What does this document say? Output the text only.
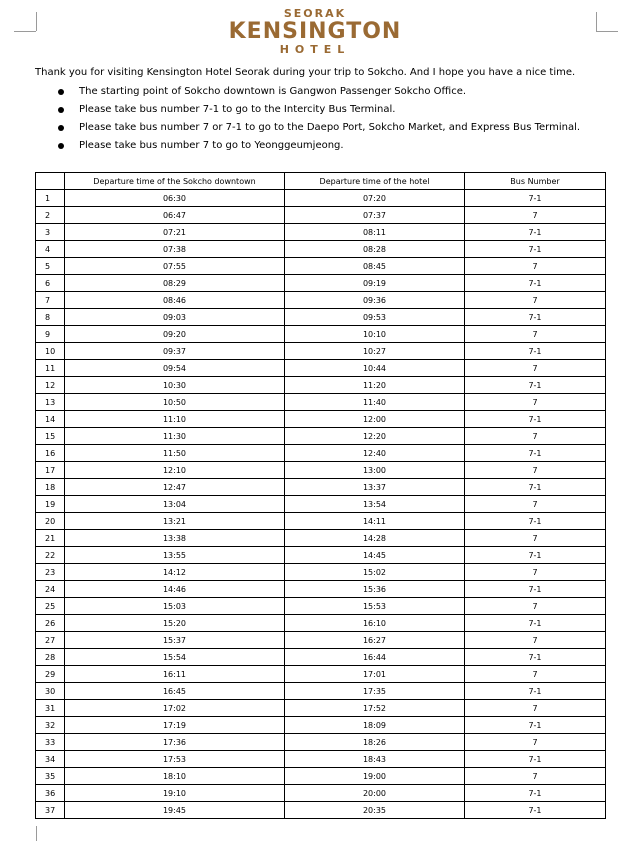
SEORAK
KENSINGTON
HOTEL
Thank you for visiting Kensington Hotel Seorak during your trip to Sokcho. And I hope you have a nice time.
The starting point of Sokcho downtown is Gangwon Passenger Sokcho Office.
Please take bus number 7-1 to go to the Intercity Bus Terminal.
Please take bus number 7 or 7-1 to go to the Daepo Port, Sokcho Market, and Express Bus Terminal.
Please take bus number 7 to go to Yeonggeumjeong.
	Departure time of the Sokcho downtown	Departure time of the hotel	Bus Number
1	06:30	07:20	7-1
2	06:47	07:37	7
3	07:21	08:11	7-1
4	07:38	08:28	7-1
5	07:55	08:45	7
6	08:29	09:19	7-1
7	08:46	09:36	7
8	09:03	09:53	7-1
9	09:20	10:10	7
10	09:37	10:27	7-1
11	09:54	10:44	7
12	10:30	11:20	7-1
13	10:50	11:40	7
14	11:10	12:00	7-1
15	11:30	12:20	7
16	11:50	12:40	7-1
17	12:10	13:00	7
18	12:47	13:37	7-1
19	13:04	13:54	7
20	13:21	14:11	7-1
21	13:38	14:28	7
22	13:55	14:45	7-1
23	14:12	15:02	7
24	14:46	15:36	7-1
25	15:03	15:53	7
26	15:20	16:10	7-1
27	15:37	16:27	7
28	15:54	16:44	7-1
29	16:11	17:01	7
30	16:45	17:35	7-1
31	17:02	17:52	7
32	17:19	18:09	7-1
33	17:36	18:26	7
34	17:53	18:43	7-1
35	18:10	19:00	7
36	19:10	20:00	7-1
37	19:45	20:35	7-1
